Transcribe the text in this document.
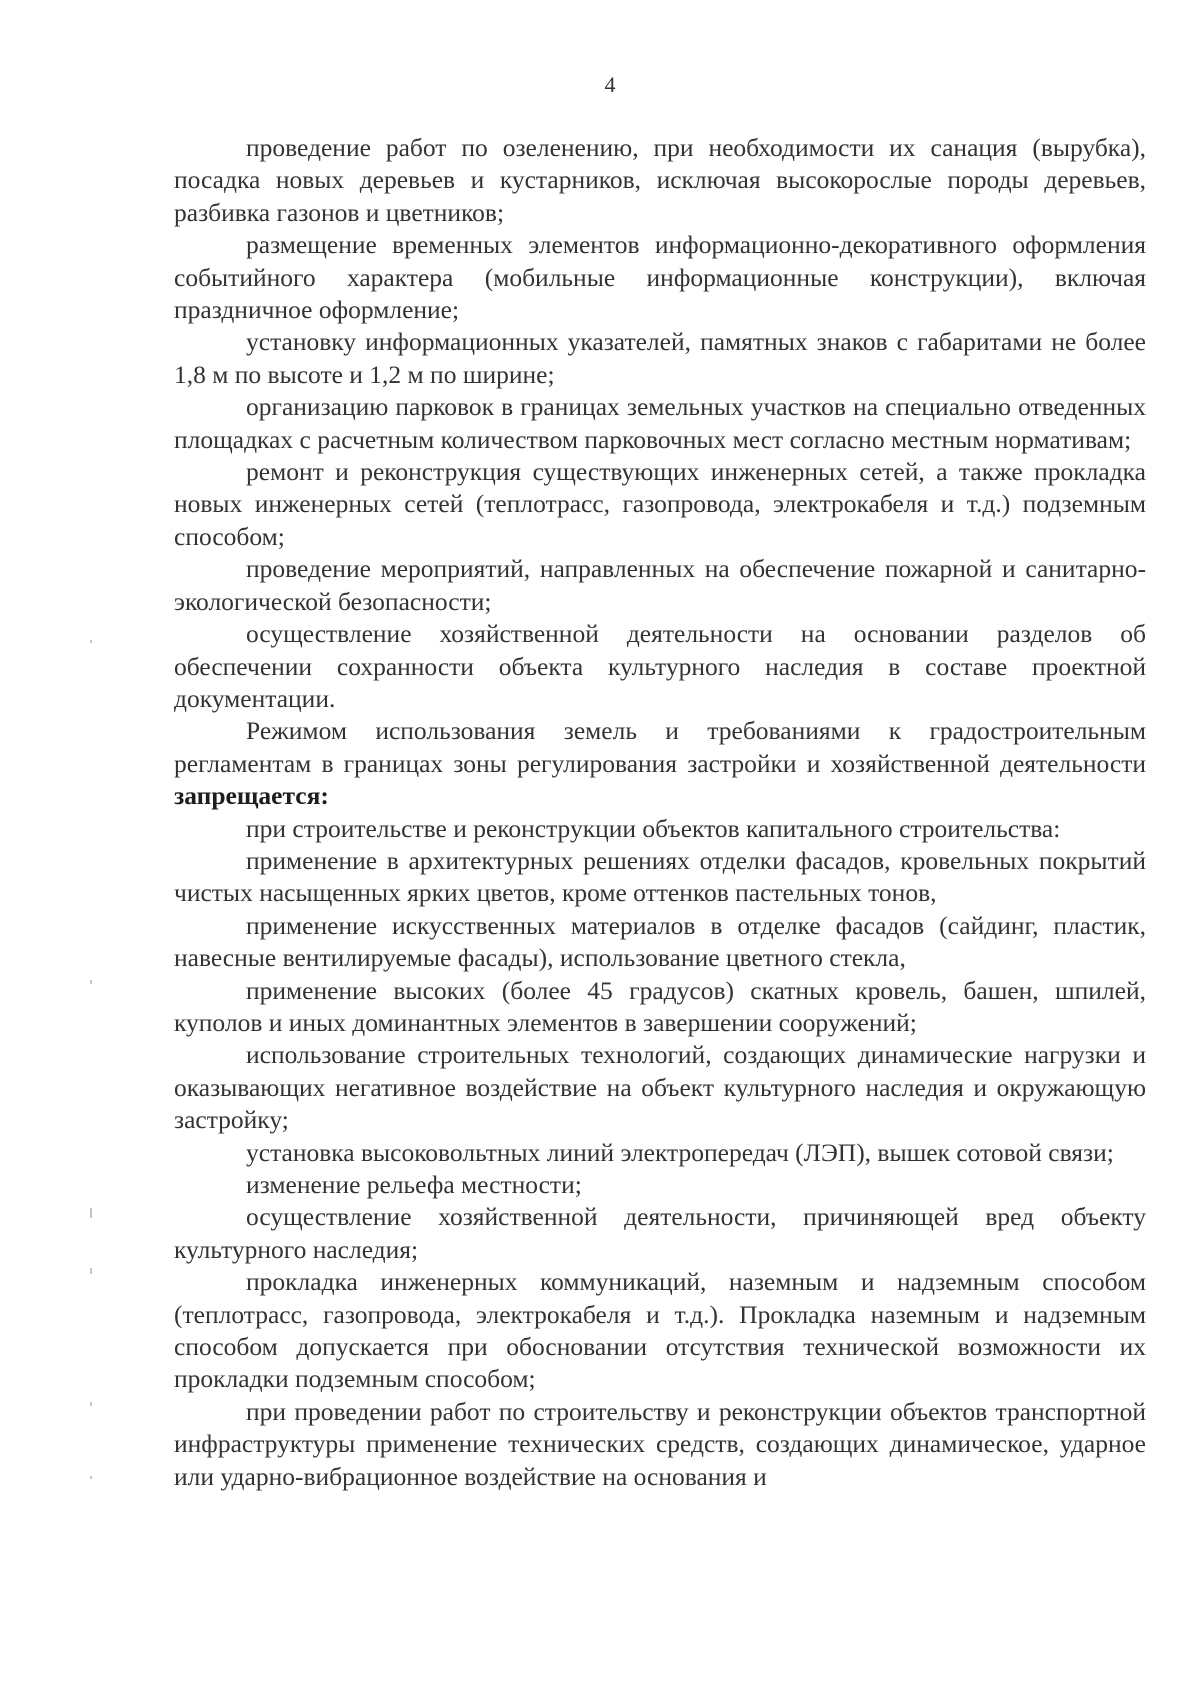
4

проведение работ по озеленению, при необходимости их санация (вырубка), посадка новых деревьев и кустарников, исключая высокорослые породы деревьев, разбивка газонов и цветников;

размещение временных элементов информационно-декоративного оформления событийного характера (мобильные информационные конструкции), включая праздничное оформление;

установку информационных указателей, памятных знаков с габаритами не более 1,8 м по высоте и 1,2 м по ширине;

организацию парковок в границах земельных участков на специально отведенных площадках с расчетным количеством парковочных мест согласно местным нормативам;

ремонт и реконструкция существующих инженерных сетей, а также прокладка новых инженерных сетей (теплотрасс, газопровода, электрокабеля и т.д.) подземным способом;

проведение мероприятий, направленных на обеспечение пожарной и санитарно-экологической безопасности;

осуществление хозяйственной деятельности на основании разделов об обеспечении сохранности объекта культурного наследия в составе проектной документации.

Режимом использования земель и требованиями к градостроительным регламентам в границах зоны регулирования застройки и хозяйственной деятельности запрещается:

при строительстве и реконструкции объектов капитального строительства:

применение в архитектурных решениях отделки фасадов, кровельных покрытий чистых насыщенных ярких цветов, кроме оттенков пастельных тонов,

применение искусственных материалов в отделке фасадов (сайдинг, пластик, навесные вентилируемые фасады), использование цветного стекла,

применение высоких (более 45 градусов) скатных кровель, башен, шпилей, куполов и иных доминантных элементов в завершении сооружений;

использование строительных технологий, создающих динамические нагрузки и оказывающих негативное воздействие на объект культурного наследия и окружающую застройку;

установка высоковольтных линий электропередач (ЛЭП), вышек сотовой связи;

изменение рельефа местности;

осуществление хозяйственной деятельности, причиняющей вред объекту культурного наследия;

прокладка инженерных коммуникаций, наземным и надземным способом (теплотрасс, газопровода, электрокабеля и т.д.). Прокладка наземным и надземным способом допускается при обосновании отсутствия технической возможности их прокладки подземным способом;

при проведении работ по строительству и реконструкции объектов транспортной инфраструктуры применение технических средств, создающих динамическое, ударное или ударно-вибрационное воздействие на основания и
